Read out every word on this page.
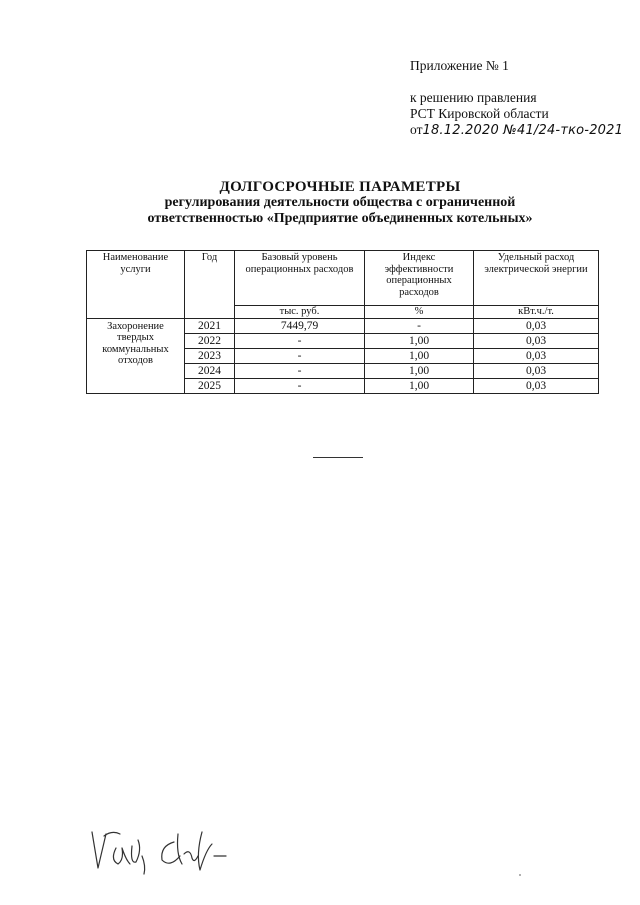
Приложение № 1
к решению правления
РСТ Кировской области
от18.12.2020 №41/24-тко-2021
ДОЛГОСРОЧНЫЕ ПАРАМЕТРЫ
регулирования деятельности общества с ограниченной
ответственностью «Предприятие объединенных котельных»
Наименование услуги	Год	Базовый уровень операционных расходов	Индекс эффективности операционных расходов	Удельный расход электрической энергии
		тыс. руб.	%	кВт.ч./т.
Захоронение твердых коммунальных отходов	2021	7449,79	-	0,03
	2022	-	1,00	0,03
	2023	-	1,00	0,03
	2024	-	1,00	0,03
	2025	-	1,00	0,03
